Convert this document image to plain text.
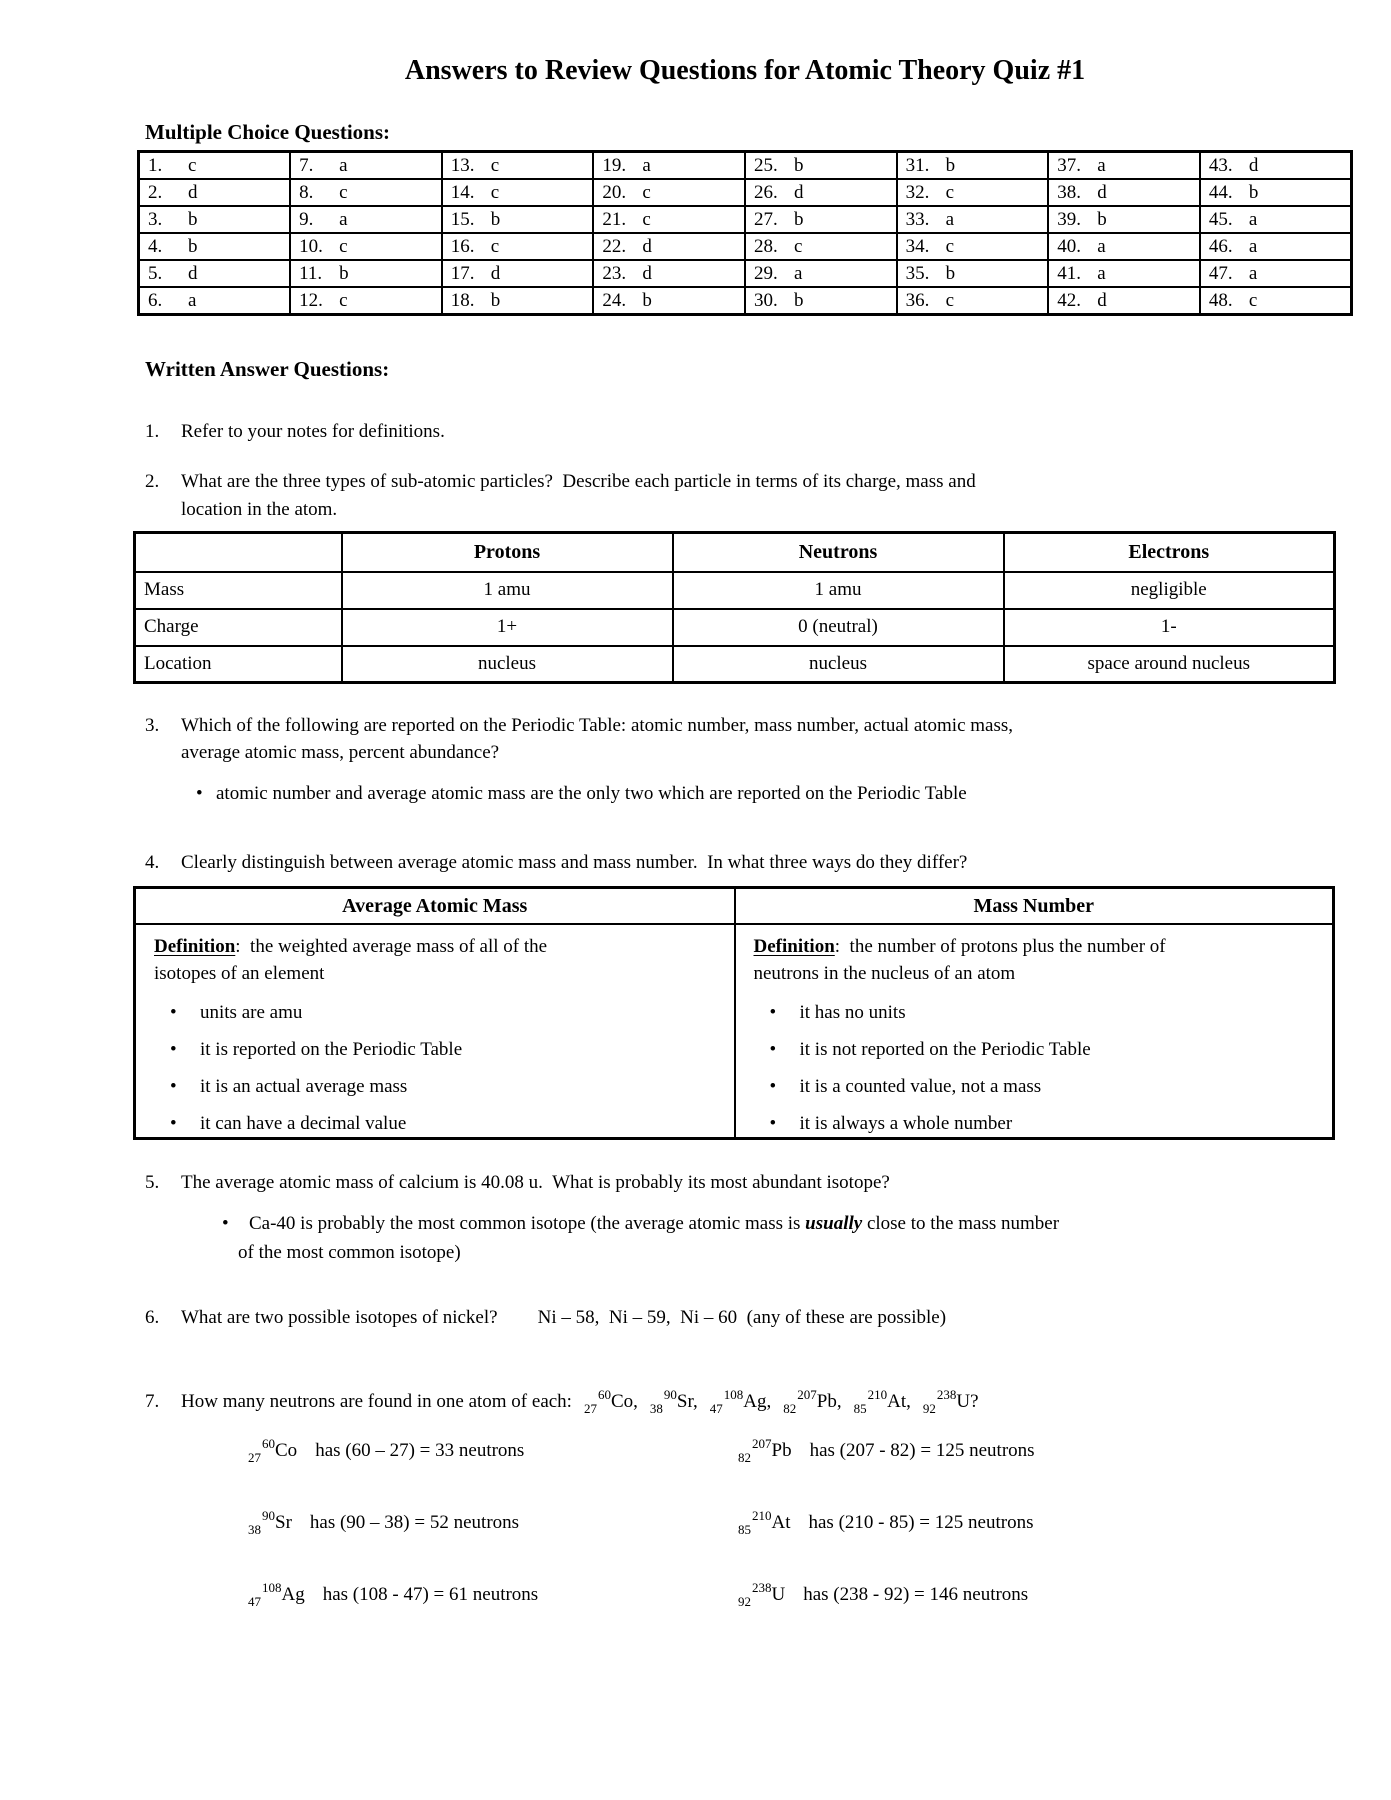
Answers to Review Questions for Atomic Theory Quiz #1
Multiple Choice Questions:
1. c	7. a	13. c	19. a	25. b	31. b	37. a	43. d
2. d	8. c	14. c	20. c	26. d	32. c	38. d	44. b
3. b	9. a	15. b	21. c	27. b	33. a	39. b	45. a
4. b	10. c	16. c	22. d	28. c	34. c	40. a	46. a
5. d	11. b	17. d	23. d	29. a	35. b	41. a	47. a
6. a	12. c	18. b	24. b	30. b	36. c	42. d	48. c
Written Answer Questions:
1. Refer to your notes for definitions.
2. What are the three types of sub-atomic particles?  Describe each particle in terms of its charge, mass and
location in the atom.
	Protons	Neutrons	Electrons
Mass	1 amu	1 amu	negligible
Charge	1+	0 (neutral)	1-
Location	nucleus	nucleus	space around nucleus
3. Which of the following are reported on the Periodic Table: atomic number, mass number, actual atomic mass,
average atomic mass, percent abundance?
• atomic number and average atomic mass are the only two which are reported on the Periodic Table
4. Clearly distinguish between average atomic mass and mass number.  In what three ways do they differ?
Average Atomic Mass	Mass Number

Definition:  the weighted average mass of all of the
isotopes of an element
• units are amu
• it is reported on the Periodic Table
• it is an actual average mass
• it can have a decimal value

Definition:  the number of protons plus the number of
neutrons in the nucleus of an atom
• it has no units
• it is not reported on the Periodic Table
• it is a counted value, not a mass
• it is always a whole number
5. The average atomic mass of calcium is 40.08 u.  What is probably its most abundant isotope?
• Ca-40 is probably the most common isotope (the average atomic mass is usually close to the mass number
of the most common isotope)
6. What are two possible isotopes of nickel? Ni – 58,  Ni – 59,  Ni – 60  (any of these are possible)
7. How many neutrons are found in one atom of each: $_{27}^{60}$Co, $_{38}^{90}$Sr, $_{47}^{108}$Ag, $_{82}^{207}$Pb, $_{85}^{210}$At, $_{92}^{238}$U?
$_{27}^{60}$Co has (60 – 27) = 33 neutrons	$_{82}^{207}$Pb has (207 - 82) = 125 neutrons
$_{38}^{90}$Sr has (90 – 38) = 52 neutrons	$_{85}^{210}$At has (210 - 85) = 125 neutrons
$_{47}^{108}$Ag has (108 - 47) = 61 neutrons	$_{92}^{238}$U has (238 - 92) = 146 neutrons
